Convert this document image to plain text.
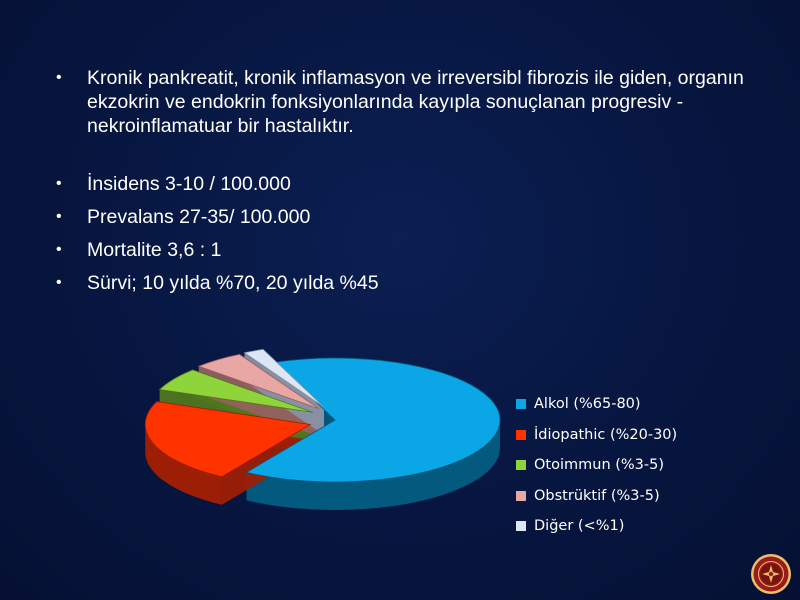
•	Kronik pankreatit, kronik inflamasyon ve irreversibl fibrozis ile giden, organın ekzokrin ve endokrin fonksiyonlarında kayıpla sonuçlanan progresiv - nekroinflamatuar bir hastalıktır.
•	İnsidens 3-10 / 100.000
•	Prevalans 27-35/ 100.000
•	Mortalite 3,6 : 1
•	Sürvi; 10 yılda %70, 20 yılda %45
Alkol (%65-80)
İdiopathic (%20-30)
Otoimmun (%3-5)
Obstrüktif (%3-5)
Diğer (<%1)
